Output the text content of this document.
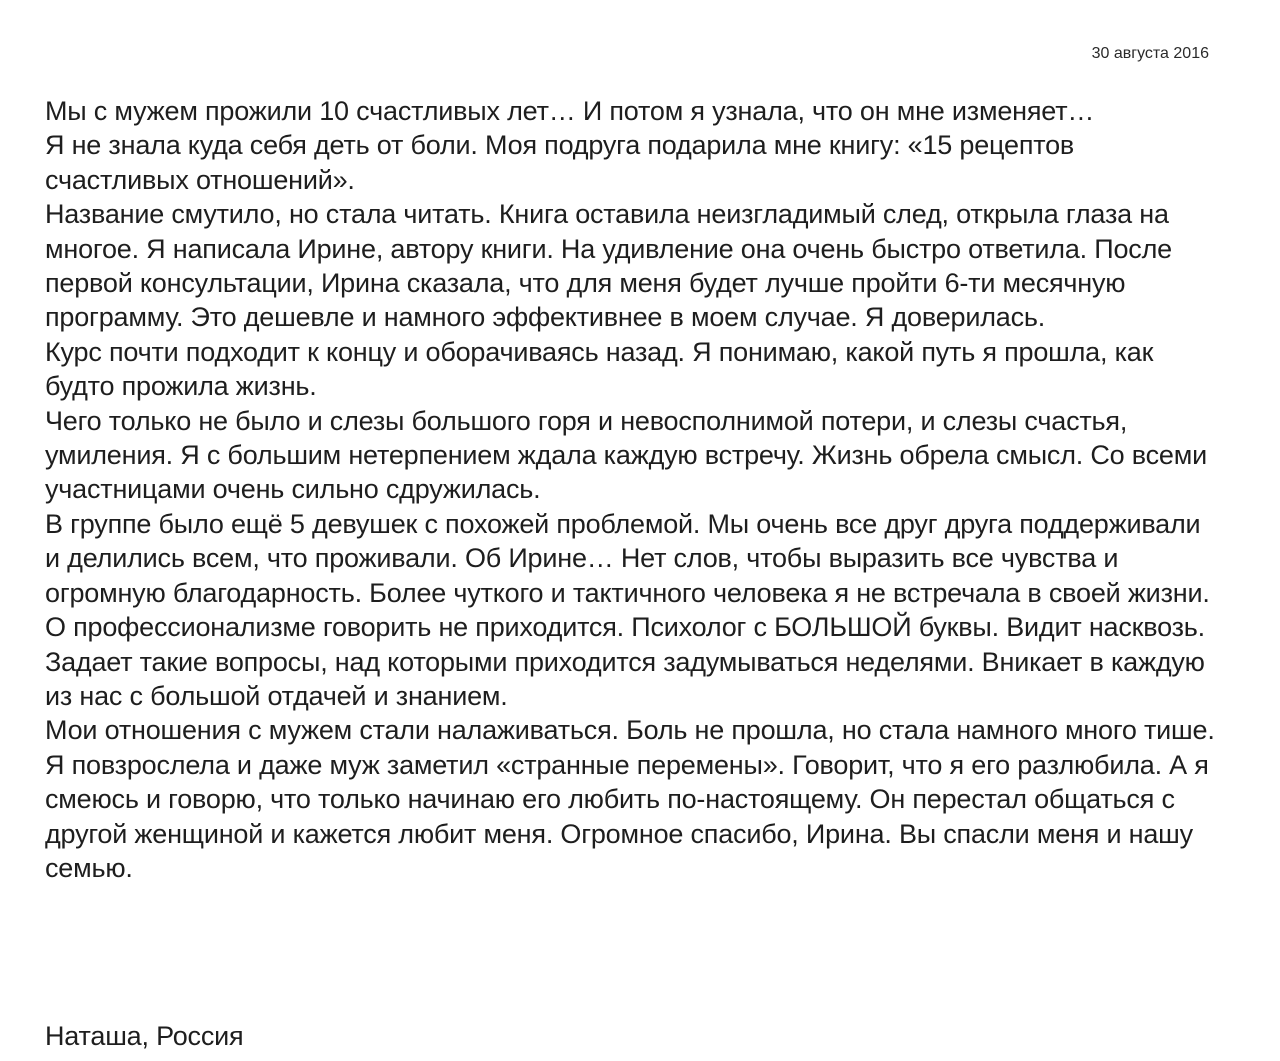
30 августа 2016

Мы с мужем прожили 10 счастливых лет… И потом я узнала, что он мне изменяет…

Я не знала куда себя деть от боли. Моя подруга подарила мне книгу: «15 рецептов счастливых отношений».

Название смутило, но стала читать. Книга оставила неизгладимый след, открыла глаза на многое. Я написала Ирине, автору книги. На удивление она очень быстро ответила. После первой консультации, Ирина сказала, что для меня будет лучше пройти 6-ти месячную программу. Это дешевле и намного эффективнее в моем случае. Я доверилась.

Курс почти подходит к концу и оборачиваясь назад. Я понимаю, какой путь я прошла, как будто прожила жизнь.

Чего только не было и слезы большого горя и невосполнимой потери, и слезы счастья, умиления. Я с большим нетерпением ждала каждую встречу. Жизнь обрела смысл. Со всеми участницами очень сильно сдружилась.

В группе было ещё 5 девушек с похожей проблемой. Мы очень все друг друга поддерживали и делились всем, что проживали. Об Ирине… Нет слов, чтобы выразить все чувства и огромную благодарность. Более чуткого и тактичного человека я не встречала в своей жизни. О профессионализме говорить не приходится. Психолог с БОЛЬШОЙ буквы. Видит насквозь. Задает такие вопросы, над которыми приходится задумываться неделями. Вникает в каждую из нас с большой отдачей и знанием.

Мои отношения с мужем стали налаживаться. Боль не прошла, но стала намного много тише. Я повзрослела и даже муж заметил «странные перемены». Говорит, что я его разлюбила. А я смеюсь и говорю, что только начинаю его любить по-настоящему. Он перестал общаться с другой женщиной и кажется любит меня. Огромное спасибо, Ирина. Вы спасли меня и нашу семью.

Наташа, Россия
